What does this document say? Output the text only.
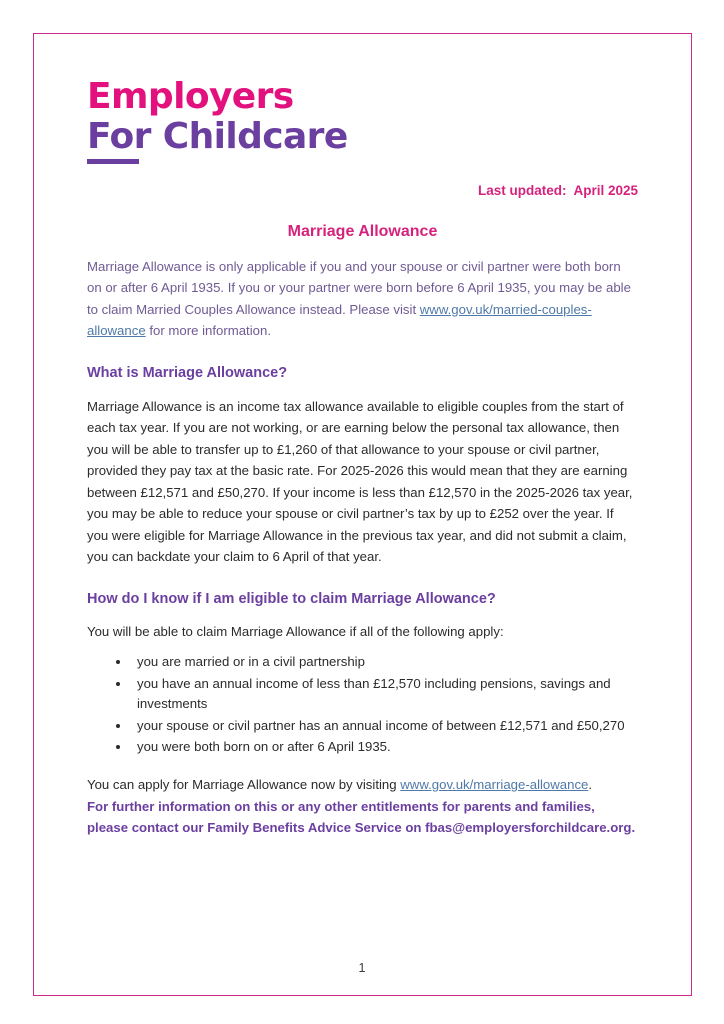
Employers
For Childcare
Last updated:  April 2025
Marriage Allowance
Marriage Allowance is only applicable if you and your spouse or civil partner were both born on or after 6 April 1935. If you or your partner were born before 6 April 1935, you may be able to claim Married Couples Allowance instead. Please visit www.gov.uk/married-couples-allowance for more information.
What is Marriage Allowance?
Marriage Allowance is an income tax allowance available to eligible couples from the start of each tax year. If you are not working, or are earning below the personal tax allowance, then you will be able to transfer up to £1,260 of that allowance to your spouse or civil partner, provided they pay tax at the basic rate. For 2025-2026 this would mean that they are earning between £12,571 and £50,270. If your income is less than £12,570 in the 2025-2026 tax year, you may be able to reduce your spouse or civil partner’s tax by up to £252 over the year. If you were eligible for Marriage Allowance in the previous tax year, and did not submit a claim, you can backdate your claim to 6 April of that year.
How do I know if I am eligible to claim Marriage Allowance?
You will be able to claim Marriage Allowance if all of the following apply:
• you are married or in a civil partnership
• you have an annual income of less than £12,570 including pensions, savings and investments
• your spouse or civil partner has an annual income of between £12,571 and £50,270
• you were both born on or after 6 April 1935.
You can apply for Marriage Allowance now by visiting www.gov.uk/marriage-allowance.
For further information on this or any other entitlements for parents and families, please contact our Family Benefits Advice Service on fbas@employersforchildcare.org.
1
